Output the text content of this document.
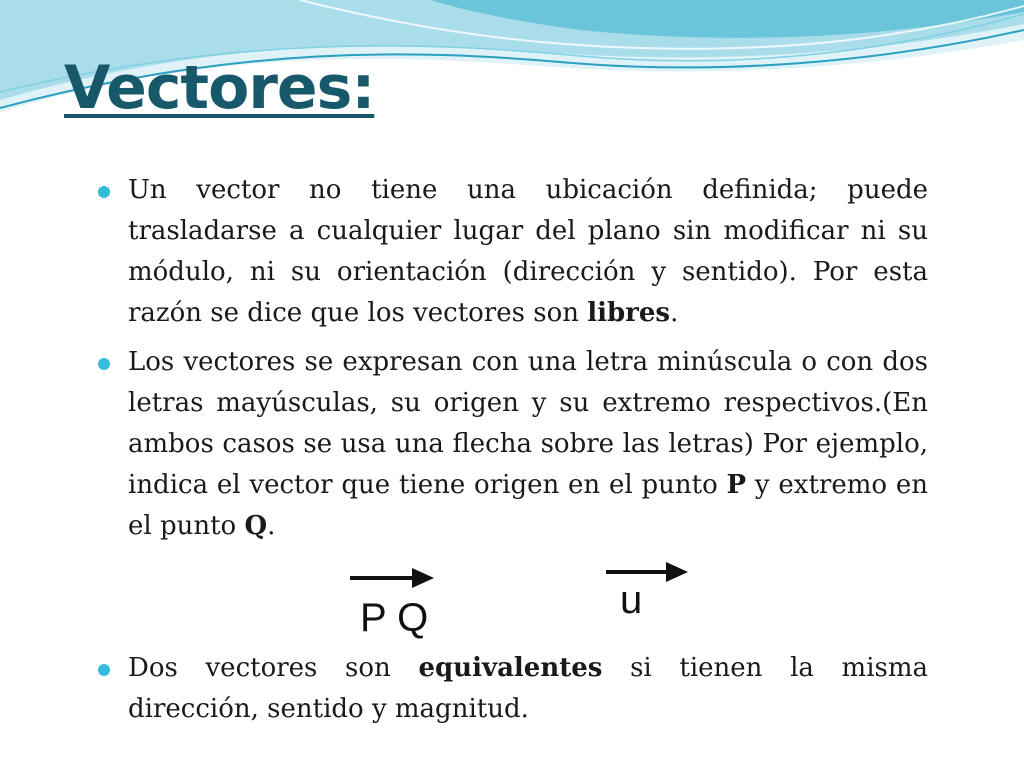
Vectores:

Un vector no tiene una ubicación definida; puede trasladarse a cualquier lugar del plano sin modificar ni su módulo, ni su orientación (dirección y sentido). Por esta razón se dice que los vectores son libres.

Los vectores se expresan con una letra minúscula o con dos letras mayúsculas, su origen y su extremo respectivos.(En ambos casos se usa una flecha sobre las letras) Por ejemplo, indica el vector que tiene origen en el punto P y extremo en el punto Q.

P Q	u

Dos vectores son equivalentes si tienen la misma dirección, sentido y magnitud.
